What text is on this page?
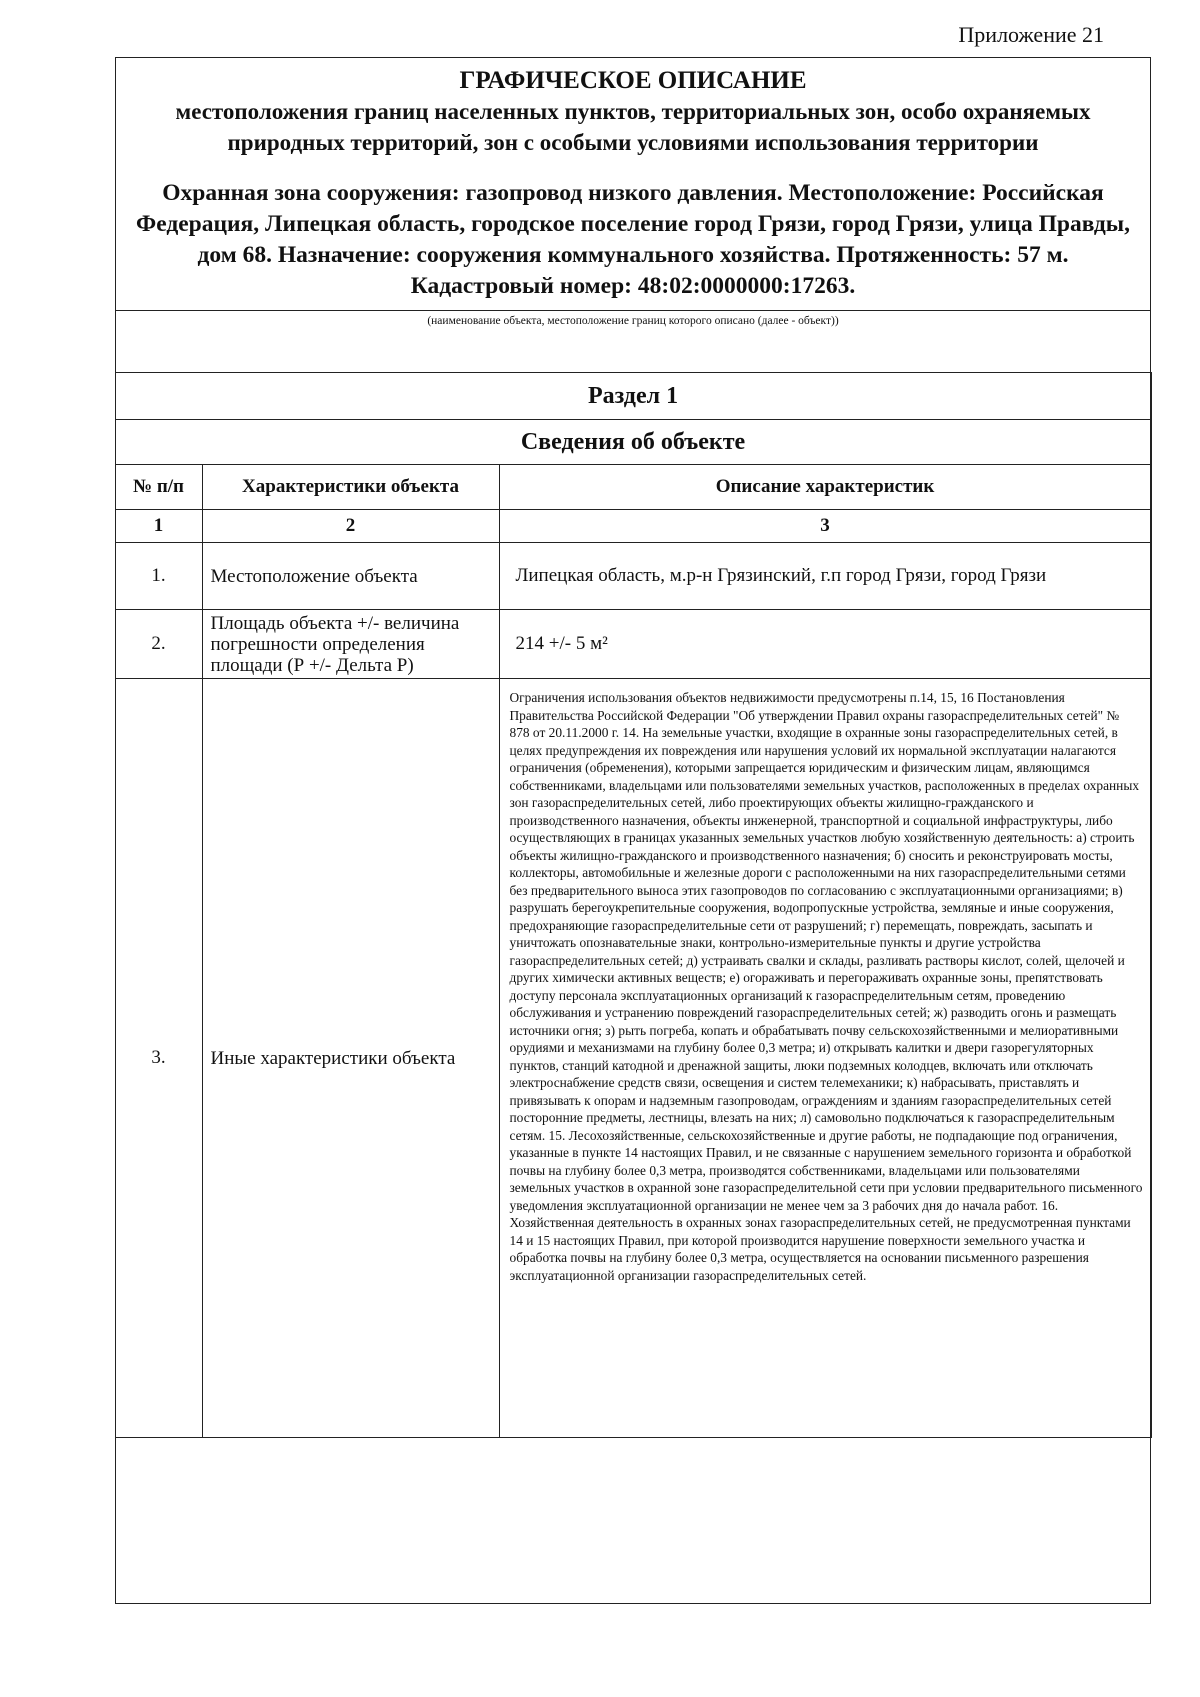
Приложение 21

ГРАФИЧЕСКОЕ ОПИСАНИЕ

местоположения границ населенных пунктов, территориальных зон, особо охраняемых природных территорий, зон с особыми условиями использования территории

Охранная зона сооружения: газопровод низкого давления. Местоположение: Российская Федерация, Липецкая область, городское поселение город Грязи, город Грязи, улица Правды, дом 68. Назначение: сооружения коммунального хозяйства. Протяженность: 57 м. Кадастровый номер: 48:02:0000000:17263.

(наименование объекта, местоположение границ которого описано (далее - объект))
Раздел 1		
Сведения об объекте		
№ п/п	Характеристики объекта	Описание характеристик
1	2	3
1.	Местоположение объекта	Липецкая область, м.р-н Грязинский, г.п город Грязи, город Грязи
2.	Площадь объекта +/- величина погрешности определения площади (Р +/- Дельта Р)	214 +/- 5 м²
3.	Иные характеристики объекта	Ограничения использования объектов недвижимости предусмотрены п.14, 15, 16 Постановления Правительства Российской Федерации "Об утверждении Правил охраны газораспределительных сетей" № 878 от 20.11.2000 г. 14. На земельные участки, входящие в охранные зоны газораспределительных сетей, в целях предупреждения их повреждения или нарушения условий их нормальной эксплуатации налагаются ограничения (обременения), которыми запрещается юридическим и физическим лицам, являющимся собственниками, владельцами или пользователями земельных участков, расположенных в пределах охранных зон газораспределительных сетей, либо проектирующих объекты жилищно-гражданского и производственного назначения, объекты инженерной, транспортной и социальной инфраструктуры, либо осуществляющих в границах указанных земельных участков любую хозяйственную деятельность: а) строить объекты жилищно-гражданского и производственного назначения; б) сносить и реконструировать мосты, коллекторы, автомобильные и железные дороги с расположенными на них газораспределительными сетями без предварительного выноса этих газопроводов по согласованию с эксплуатационными организациями; в) разрушать берегоукрепительные сооружения, водопропускные устройства, земляные и иные сооружения, предохраняющие газораспределительные сети от разрушений; г) перемещать, повреждать, засыпать и уничтожать опознавательные знаки, контрольно-измерительные пункты и другие устройства газораспределительных сетей; д) устраивать свалки и склады, разливать растворы кислот, солей, щелочей и других химически активных веществ; е) огораживать и перегораживать охранные зоны, препятствовать доступу персонала эксплуатационных организаций к газораспределительным сетям, проведению обслуживания и устранению повреждений газораспределительных сетей; ж) разводить огонь и размещать источники огня; з) рыть погреба, копать и обрабатывать почву сельскохозяйственными и мелиоративными орудиями и механизмами на глубину более 0,3 метра; и) открывать калитки и двери газорегуляторных пунктов, станций катодной и дренажной защиты, люки подземных колодцев, включать или отключать электроснабжение средств связи, освещения и систем телемеханики; к) набрасывать, приставлять и привязывать к опорам и надземным газопроводам, ограждениям и зданиям газораспределительных сетей посторонние предметы, лестницы, влезать на них; л) самовольно подключаться к газораспределительным сетям. 15. Лесохозяйственные, сельскохозяйственные и другие работы, не подпадающие под ограничения, указанные в пункте 14 настоящих Правил, и не связанные с нарушением земельного горизонта и обработкой почвы на глубину более 0,3 метра, производятся собственниками, владельцами или пользователями земельных участков в охранной зоне газораспределительной сети при условии предварительного письменного уведомления эксплуатационной организации не менее чем за 3 рабочих дня до начала работ. 16. Хозяйственная деятельность в охранных зонах газораспределительных сетей, не предусмотренная пунктами 14 и 15 настоящих Правил, при которой производится нарушение поверхности земельного участка и обработка почвы на глубину более 0,3 метра, осуществляется на основании письменного разрешения эксплуатационной организации газораспределительных сетей.
